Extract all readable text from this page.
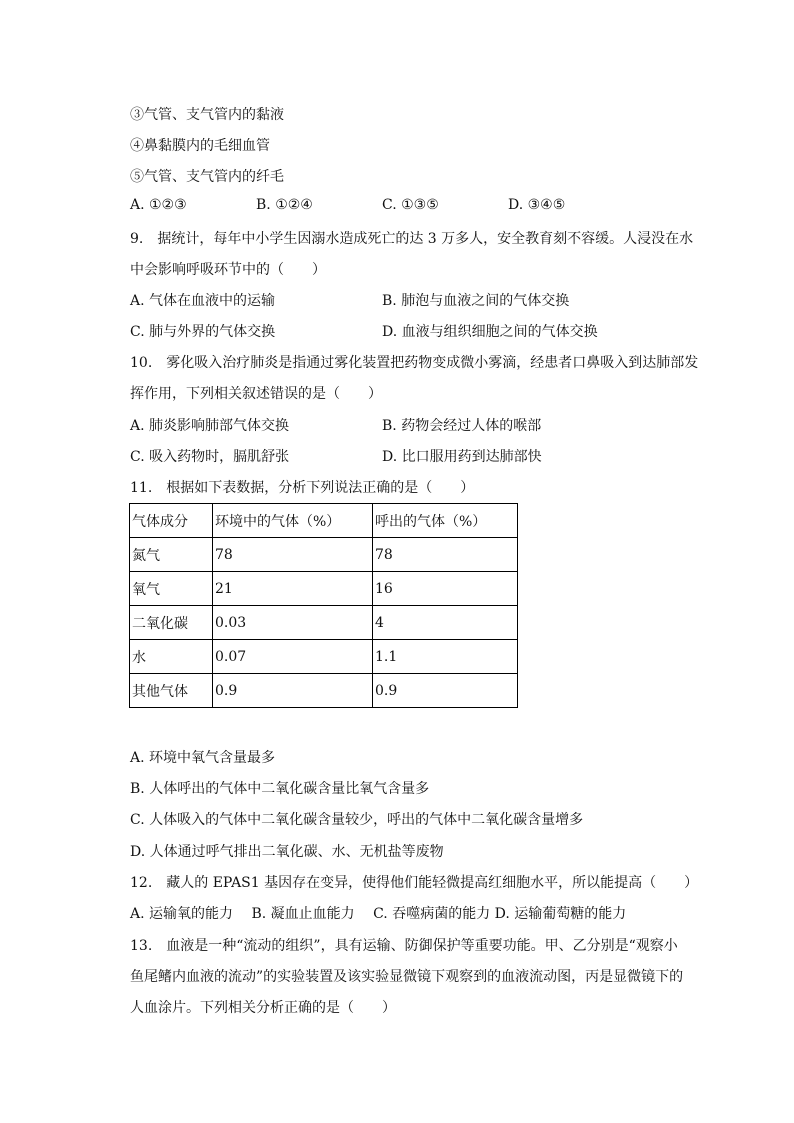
③气管、支气管内的黏液
④鼻黏膜内的毛细血管
⑤气管、支气管内的纤毛
A. ①②③	B. ①②④	C. ①③⑤	D. ③④⑤
9.　据统计，每年中小学生因溺水造成死亡的达 3 万多人，安全教育刻不容缓。人浸没在水
中会影响呼吸环节中的（　　）
A. 气体在血液中的运输	B. 肺泡与血液之间的气体交换
C. 肺与外界的气体交换	D. 血液与组织细胞之间的气体交换
10.　雾化吸入治疗肺炎是指通过雾化装置把药物变成微小雾滴，经患者口鼻吸入到达肺部发
挥作用，下列相关叙述错误的是（　　）
A. 肺炎影响肺部气体交换	B. 药物会经过人体的喉部
C. 吸入药物时，膈肌舒张	D. 比口服用药到达肺部快
11.　根据如下表数据，分析下列说法正确的是（　　）
气体成分	环境中的气体（%）	呼出的气体（%）
氮气	78	78
氧气	21	16
二氧化碳	0.03	4
水	0.07	1.1
其他气体	0.9	0.9
A. 环境中氧气含量最多
B. 人体呼出的气体中二氧化碳含量比氧气含量多
C. 人体吸入的气体中二氧化碳含量较少，呼出的气体中二氧化碳含量增多
D. 人体通过呼气排出二氧化碳、水、无机盐等废物
12.　藏人的 EPAS1 基因存在变异，使得他们能轻微提高红细胞水平，所以能提高（　　）
A. 运输氧的能力　 B. 凝血止血能力　 C. 吞噬病菌的能力 D. 运输葡萄糖的能力
13.　血液是一种“流动的组织”，具有运输、防御保护等重要功能。甲、乙分别是“观察小
鱼尾鳍内血液的流动”的实验装置及该实验显微镜下观察到的血液流动图，丙是显微镜下的
人血涂片。下列相关分析正确的是（　　）
